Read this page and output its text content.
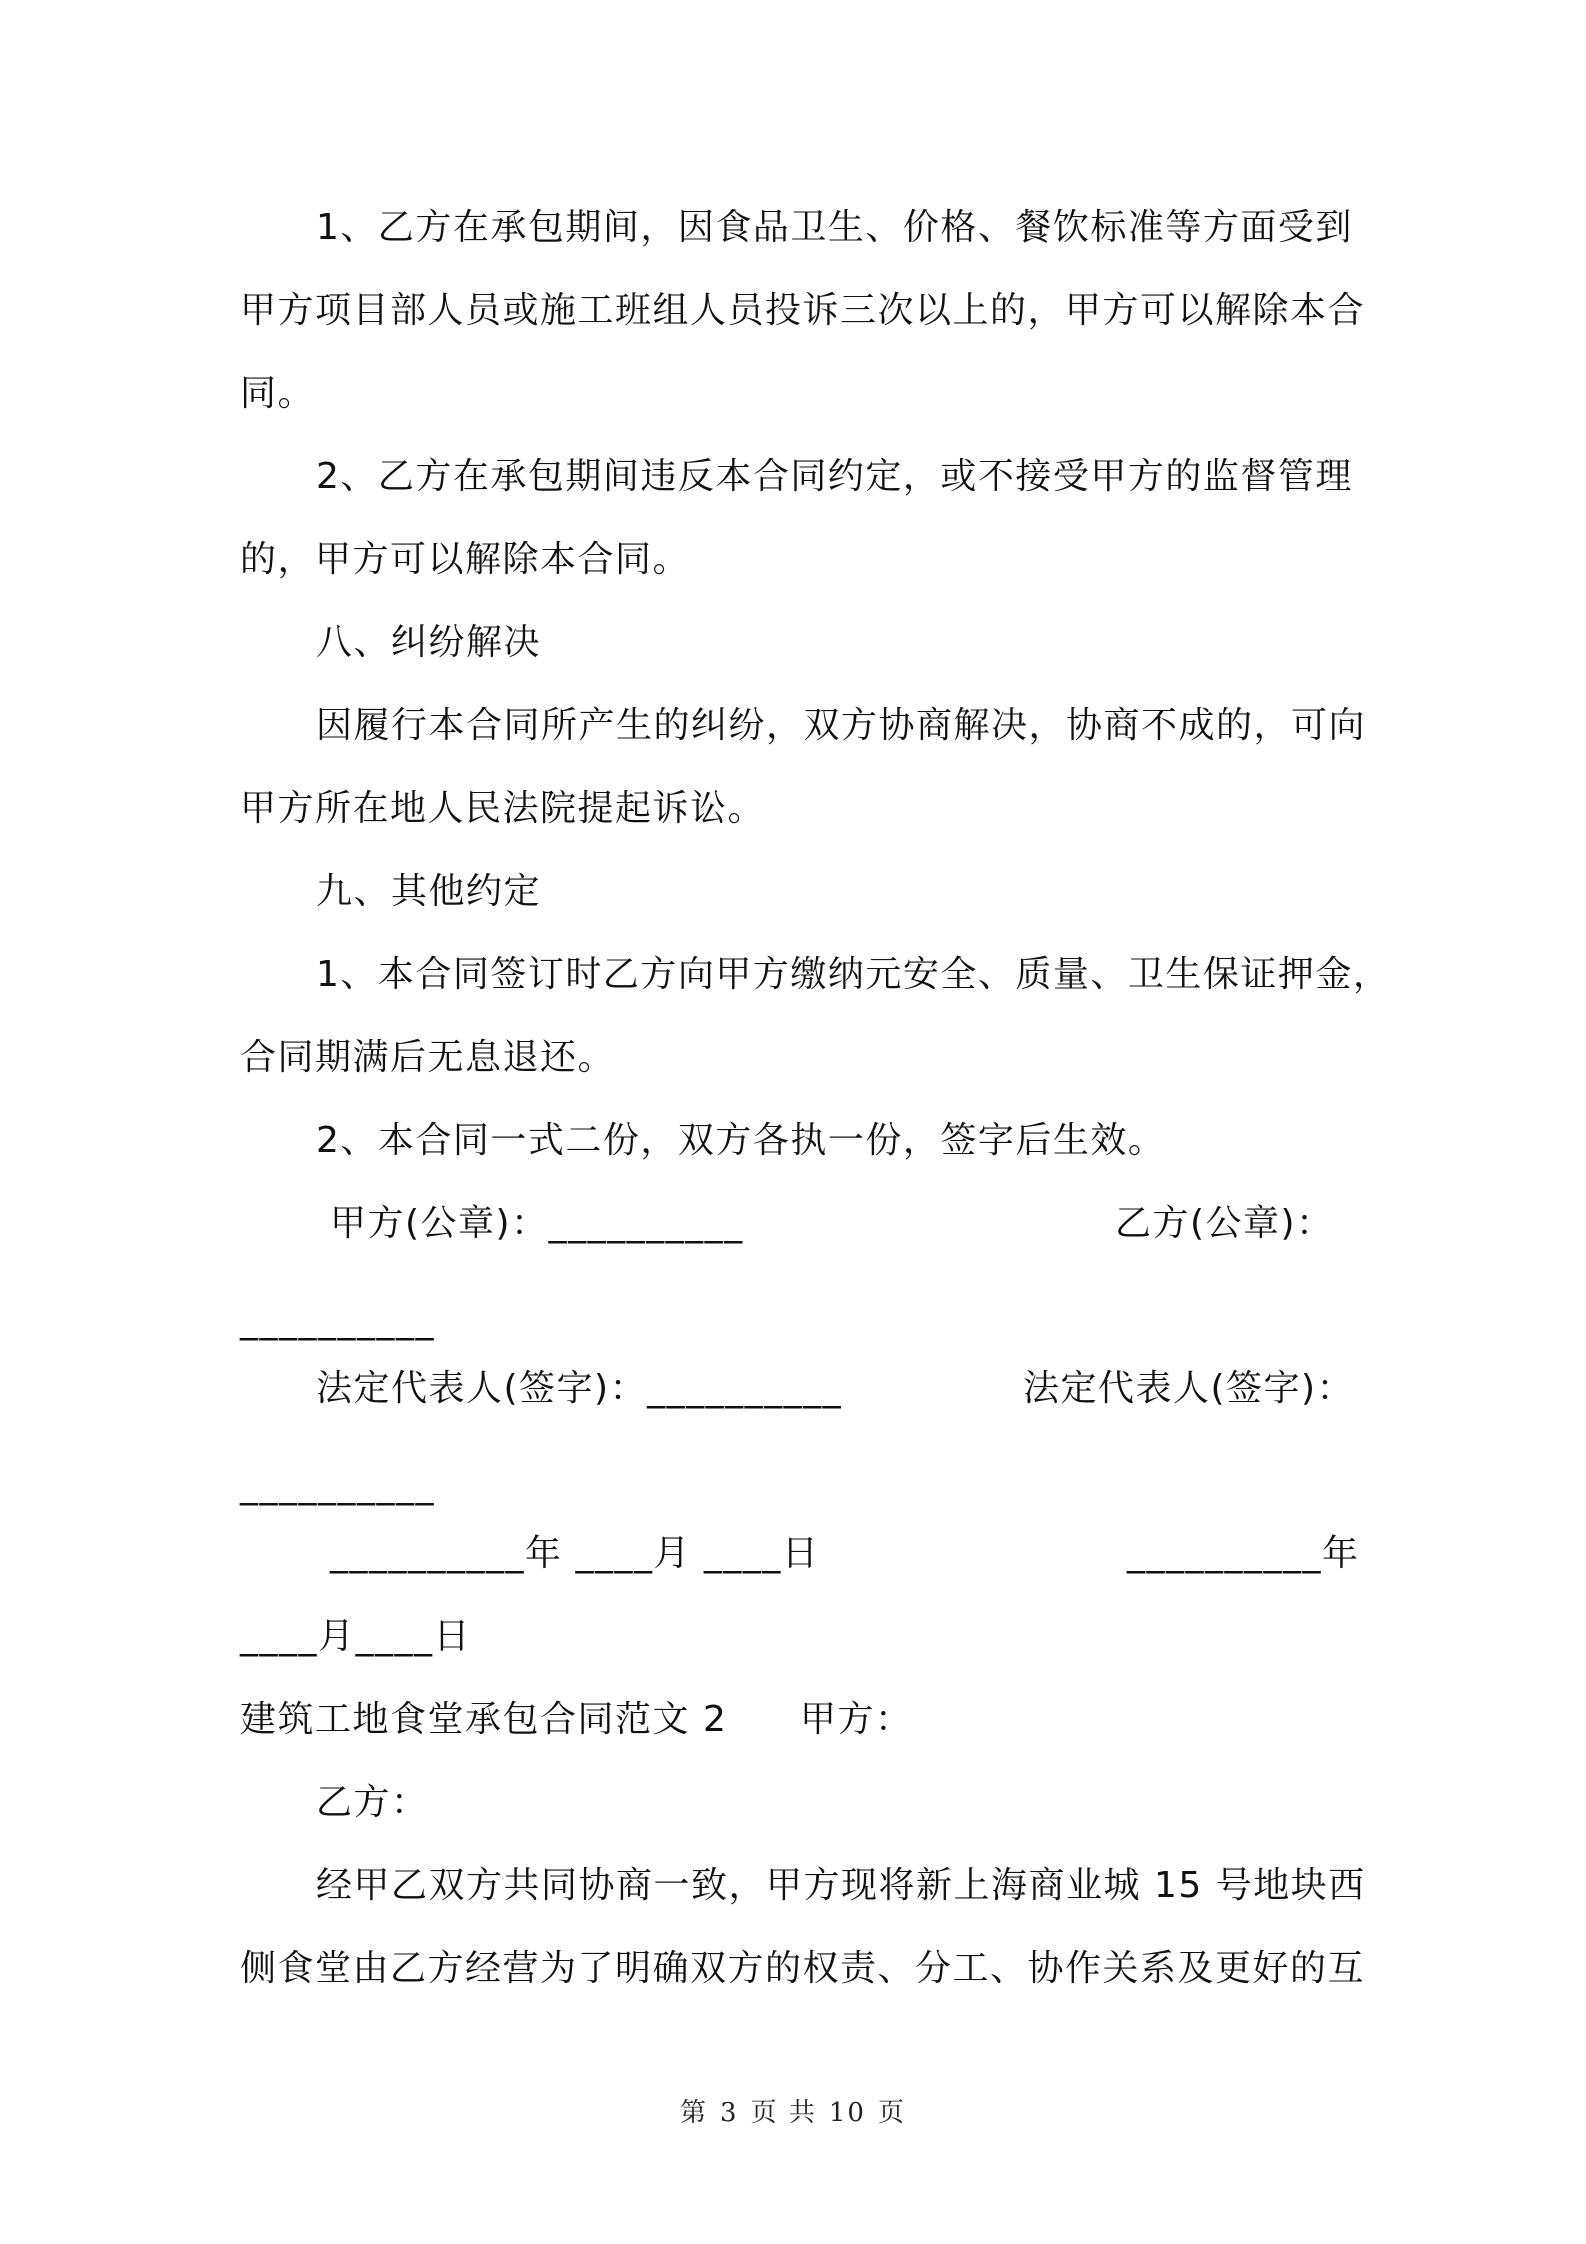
1、乙方在承包期间，因食品卫生、价格、餐饮标准等方面受到

甲方项目部人员或施工班组人员投诉三次以上的，甲方可以解除本合

同。

2、乙方在承包期间违反本合同约定，或不接受甲方的监督管理

的，甲方可以解除本合同。

八、纠纷解决

因履行本合同所产生的纠纷，双方协商解决，协商不成的，可向

甲方所在地人民法院提起诉讼。

九、其他约定

1、本合同签订时乙方向甲方缴纳元安全、质量、卫生保证押金，

合同期满后无息退还。

2、本合同一式二份，双方各执一份，签字后生效。

甲方(公章)：__________	乙方(公章)：

__________

法定代表人(签字)：__________	法定代表人(签字)：

__________

__________年 ____月 ____日	__________年

____月____日

建筑工地食堂承包合同范文 2	甲方：

乙方：

经甲乙双方共同协商一致，甲方现将新上海商业城 15 号地块西

侧食堂由乙方经营为了明确双方的权责、分工、协作关系及更好的互

第 3 页 共 10 页
